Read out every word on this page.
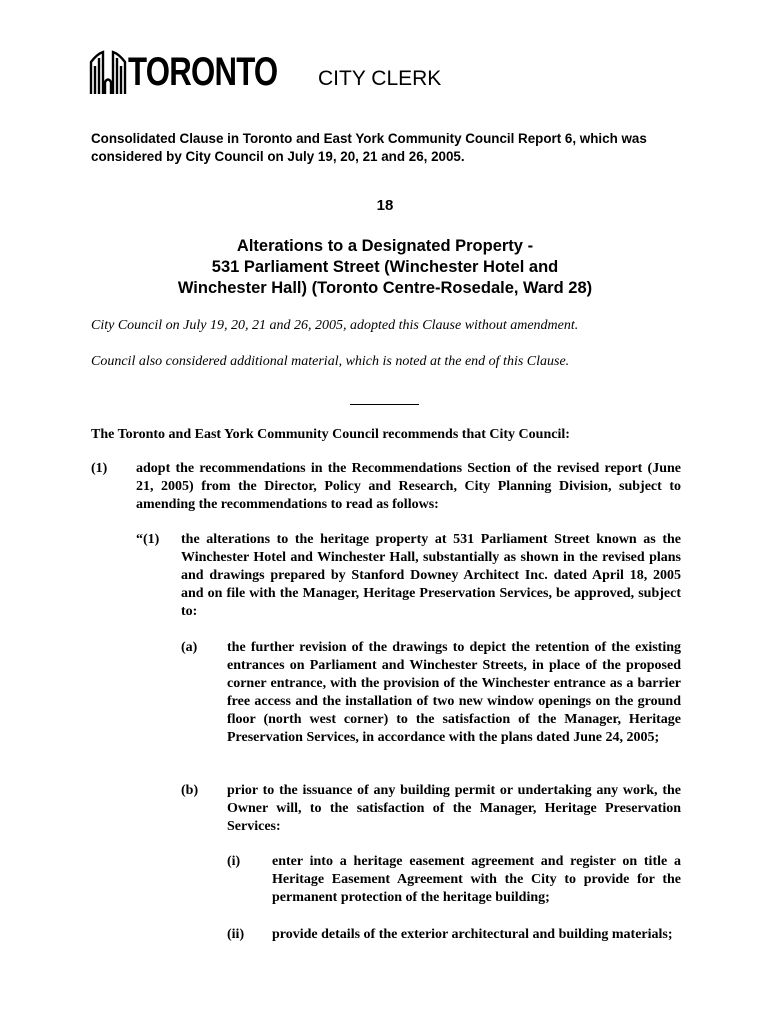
TORONTO CITY CLERK
Consolidated Clause in Toronto and East York Community Council Report 6, which was considered by City Council on July 19, 20, 21 and 26, 2005.
18
Alterations to a Designated Property -
531 Parliament Street (Winchester Hotel and
Winchester Hall) (Toronto Centre-Rosedale, Ward 28)
City Council on July 19, 20, 21 and 26, 2005, adopted this Clause without amendment.
Council also considered additional material, which is noted at the end of this Clause.
The Toronto and East York Community Council recommends that City Council:
(1) adopt the recommendations in the Recommendations Section of the revised report (June 21, 2005) from the Director, Policy and Research, City Planning Division, subject to amending the recommendations to read as follows:
“(1) the alterations to the heritage property at 531 Parliament Street known as the Winchester Hotel and Winchester Hall, substantially as shown in the revised plans and drawings prepared by Stanford Downey Architect Inc. dated April 18, 2005 and on file with the Manager, Heritage Preservation Services, be approved, subject to:
(a) the further revision of the drawings to depict the retention of the existing entrances on Parliament and Winchester Streets, in place of the proposed corner entrance, with the provision of the Winchester entrance as a barrier free access and the installation of two new window openings on the ground floor (north west corner) to the satisfaction of the Manager, Heritage Preservation Services, in accordance with the plans dated June 24, 2005;
(b) prior to the issuance of any building permit or undertaking any work, the Owner will, to the satisfaction of the Manager, Heritage Preservation Services:
(i) enter into a heritage easement agreement and register on title a Heritage Easement Agreement with the City to provide for the permanent protection of the heritage building;
(ii) provide details of the exterior architectural and building materials;
